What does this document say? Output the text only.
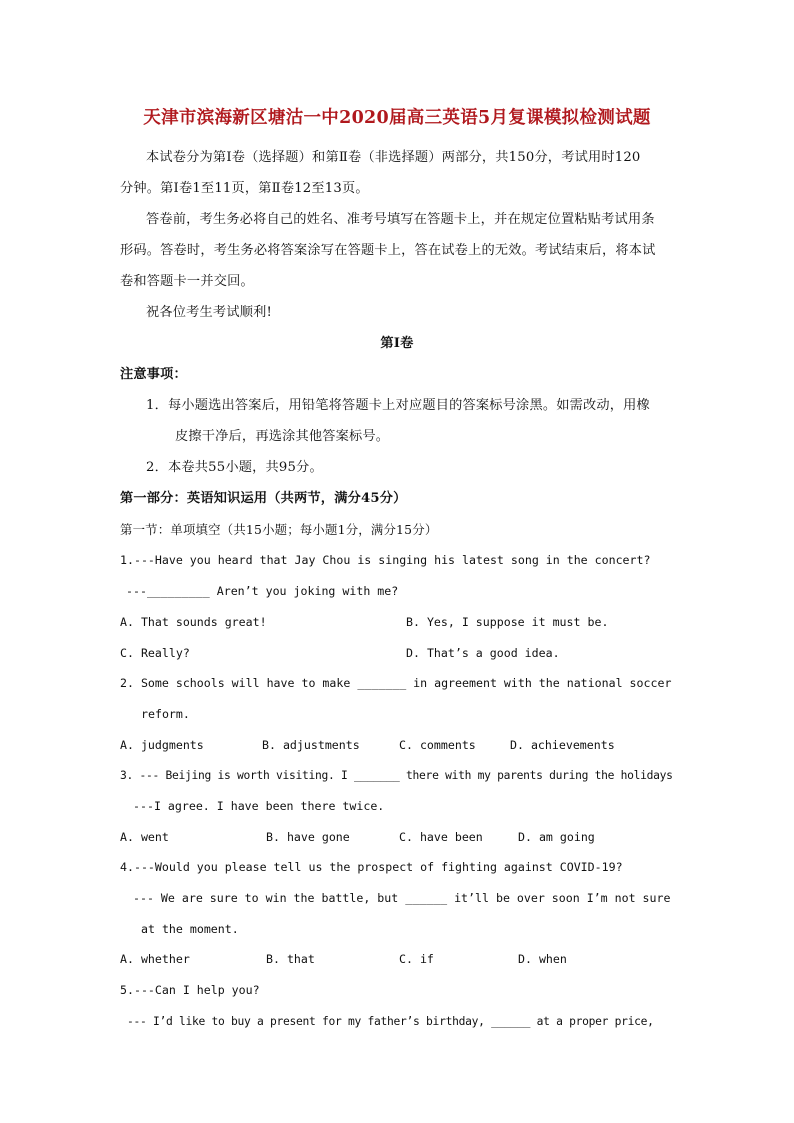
天津市滨海新区塘沽一中2020届高三英语5月复课模拟检测试题
本试卷分为第Ⅰ卷（选择题）和第Ⅱ卷（非选择题）两部分，共150分，考试用时120
分钟。第Ⅰ卷1至11页，第Ⅱ卷12至13页。
答卷前，考生务必将自己的姓名、准考号填写在答题卡上，并在规定位置粘贴考试用条
形码。答卷时，考生务必将答案涂写在答题卡上，答在试卷上的无效。考试结束后，将本试
卷和答题卡一并交回。
祝各位考生考试顺利!
第Ⅰ卷
注意事项：
1．每小题选出答案后，用铅笔将答题卡上对应题目的答案标号涂黑。如需改动，用橡
皮擦干净后，再选涂其他答案标号。
2．本卷共55小题，共95分。
第一部分：英语知识运用（共两节，满分45分）
第一节：单项填空（共15小题；每小题1分，满分15分）
1.---Have you heard that Jay Chou is singing his latest song in the concert?
---_________ Aren’t you joking with me?
A. That sounds great!	B. Yes, I suppose it must be.
C. Really?	D. That’s a good idea.
2. Some schools will have to make _______ in agreement with the national soccer
reform.
A. judgments	B. adjustments	C. comments	D. achievements
3. --- Beijing is worth visiting. I _______ there with my parents during the holidays
---I agree. I have been there twice.
A. went	B. have gone	C. have been	D. am going
4.---Would you please tell us the prospect of fighting against COVID-19?
--- We are sure to win the battle, but ______ it’ll be over soon I’m not sure
at the moment.
A. whether	B. that	C. if	D. when
5.---Can I help you?
--- I’d like to buy a present for my father’s birthday, ______ at a proper price,
